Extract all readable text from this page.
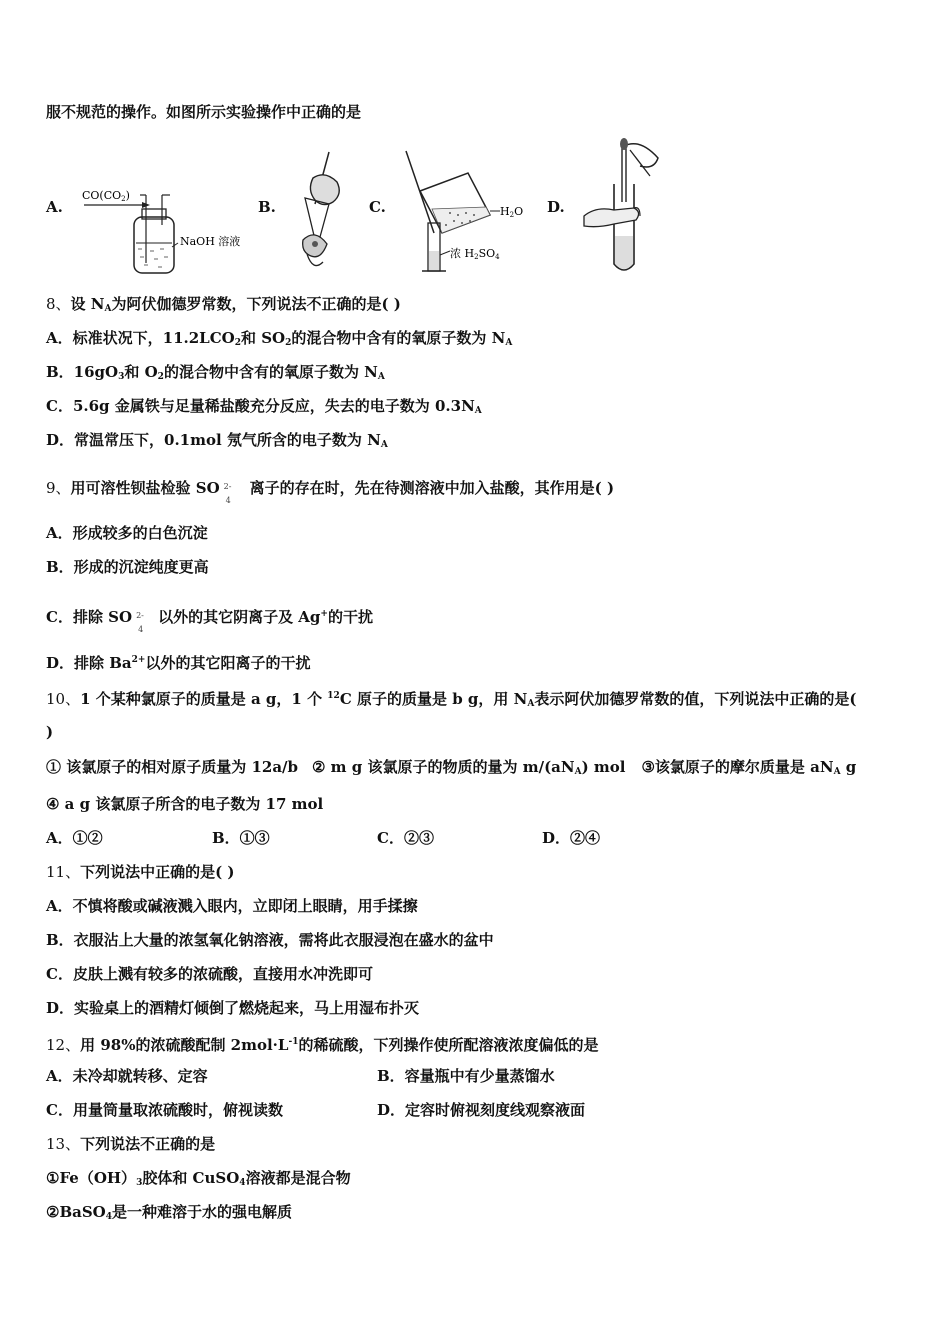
服不规范的操作。如图所示实验操作中正确的是
A.	B.	C.	D.
CO(CO2)
NaOH 溶液
H2O
浓 H2SO4
8、设 $N_A$为阿伏伽德罗常数，下列说法不正确的是( )
A．标准状况下，$11.2LCO_2$和 $SO_2$的混合物中含有的氧原子数为 $N_A$
B．$16gO_3$和 $O_2$的混合物中含有的氧原子数为 $N_A$
C．5.6g 金属铁与足量稀盐酸充分反应，失去的电子数为 $0.3N_A$
D．常温常压下，0.1mol 氖气所含的电子数为 $N_A$
9、用可溶性钡盐检验 SO 2-
4
离子的存在时，先在待测溶液中加入盐酸，其作用是( )
A．形成较多的白色沉淀
B．形成的沉淀纯度更高
C．排除 SO 2-
4
以外的其它阴离子及 Ag+的干扰
D．排除 $Ba^{2+}$以外的其它阳离子的干扰
10、1 个某种氯原子的质量是 a g，1 个 $^{12}$C 原子的质量是 b g，用 $N_A$表示阿伏加德罗常数的值，下列说法中正确的是(
)
① 该氯原子的相对原子质量为 12a/b ② m g 该氯原子的物质的量为 $m/(aN_A)$ mol ③该氯原子的摩尔质量是 $aN_A$ g
④ a g 该氯原子所含的电子数为 17 mol
A．①②	B．①③	C．②③	D．②④
11、下列说法中正确的是( )
A．不慎将酸或碱液溅入眼内，立即闭上眼睛，用手揉擦
B．衣服沾上大量的浓氢氧化钠溶液，需将此衣服浸泡在盛水的盆中
C．皮肤上溅有较多的浓硫酸，直接用水冲洗即可
D．实验桌上的酒精灯倾倒了燃烧起来，马上用湿布扑灭
12、用 98%的浓硫酸配制 $2mol\cdot L^{-1}$的稀硫酸，下列操作使所配溶液浓度偏低的是
A．未冷却就转移、定容	B．容量瓶中有少量蒸馏水
C．用量筒量取浓硫酸时，俯视读数	D．定容时俯视刻度线观察液面
13、下列说法不正确的是
$①Fe(OH)_3$胶体和 CuSO$_4$溶液都是混合物
②BaSO$_4$是一种难溶于水的强电解质
